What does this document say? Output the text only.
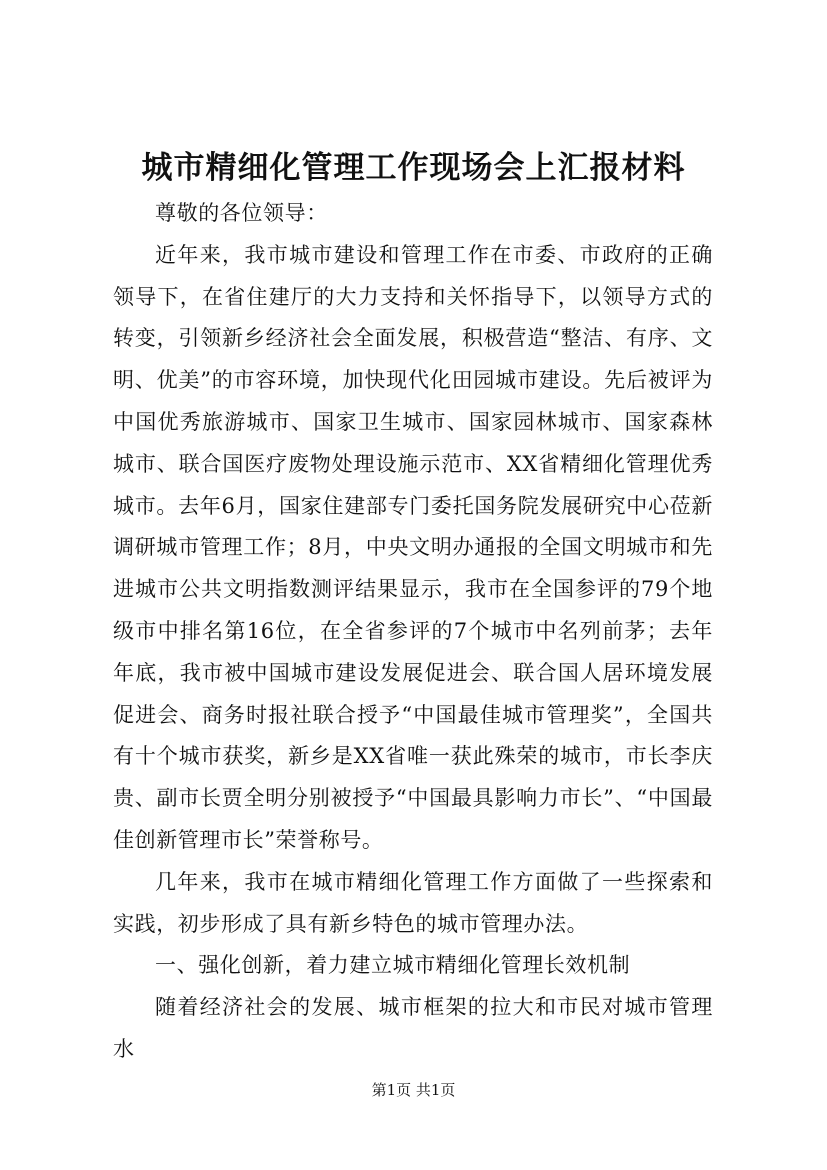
城市精细化管理工作现场会上汇报材料

尊敬的各位领导：

近年来，我市城市建设和管理工作在市委、市政府的正确领导下，在省住建厅的大力支持和关怀指导下，以领导方式的转变，引领新乡经济社会全面发展，积极营造“整洁、有序、文明、优美”的市容环境，加快现代化田园城市建设。先后被评为中国优秀旅游城市、国家卫生城市、国家园林城市、国家森林城市、联合国医疗废物处理设施示范市、XX省精细化管理优秀城市。去年6月，国家住建部专门委托国务院发展研究中心莅新调研城市管理工作；8月，中央文明办通报的全国文明城市和先进城市公共文明指数测评结果显示，我市在全国参评的79个地级市中排名第16位，在全省参评的7个城市中名列前茅；去年年底，我市被中国城市建设发展促进会、联合国人居环境发展促进会、商务时报社联合授予“中国最佳城市管理奖”，全国共有十个城市获奖，新乡是XX省唯一获此殊荣的城市，市长李庆贵、副市长贾全明分别被授予“中国最具影响力市长”、“中国最佳创新管理市长”荣誉称号。

几年来，我市在城市精细化管理工作方面做了一些探索和实践，初步形成了具有新乡特色的城市管理办法。

一、强化创新，着力建立城市精细化管理长效机制

随着经济社会的发展、城市框架的拉大和市民对城市管理水

第1页 共1页
